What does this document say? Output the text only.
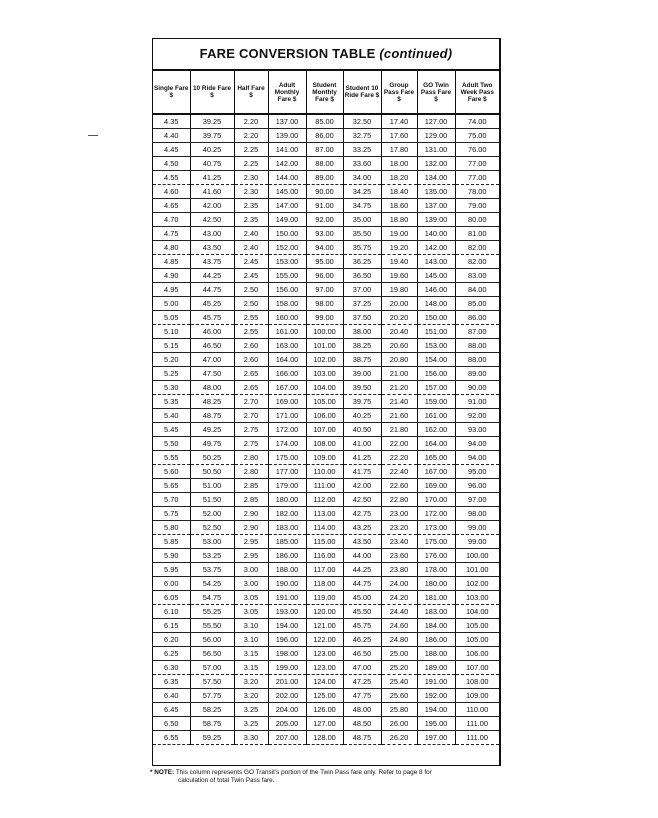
FARE CONVERSION TABLE (continued)
Single Fare $	10 Ride Fare $	Half Fare $	Adult Monthly Fare $	Student Monthly Fare $	Student 10 Ride Fare $	Group Pass Fare $	GO Twin Pass Fare $	Adult Two Week Pass Fare $
4.35	39.25	2.20	137.00	85.00	32.50	17.40	127.00	74.00
4.40	39.75	2.20	139.00	86.00	32.75	17.60	129.00	75.00
4.45	40.25	2.25	141.00	87.00	33.25	17.80	131.00	76.00
4.50	40.75	2.25	142.00	88.00	33.60	18.00	132.00	77.00
4.55	41.25	2.30	144.00	89.00	34.00	18.20	134.00	77.00
4.60	41.60	2.30	145.00	90.00	34.25	18.40	135.00	78.00
4.65	42.00	2.35	147.00	91.00	34.75	18.60	137.00	79.00
4.70	42.50	2.35	149.00	92.00	35.00	18.80	139.00	80.00
4.75	43.00	2.40	150.00	93.00	35.50	19.00	140.00	81.00
4.80	43.50	2.40	152.00	94.00	35.75	19.20	142.00	82.00
4.85	43.75	2.45	153.00	95.00	36.25	19.40	143.00	82.00
4.90	44.25	2.45	155.00	96.00	36.50	19.60	145.00	83.00
4.95	44.75	2.50	156.00	97.00	37.00	19.80	146.00	84.00
5.00	45.25	2.50	158.00	98.00	37.25	20.00	148.00	85.00
5.05	45.75	2.55	160.00	99.00	37.50	20.20	150.00	86.00
5.10	46.00	2.55	161.00	100.00	38.00	20.40	151.00	87.00
5.15	46.50	2.60	163.00	101.00	38.25	20.60	153.00	88.00
5.20	47.00	2.60	164.00	102.00	38.75	20.80	154.00	88.00
5.25	47.50	2.65	166.00	103.00	39.00	21.00	156.00	89.00
5.30	48.00	2.65	167.00	104.00	39.50	21.20	157.00	90.00
5.35	48.25	2.70	169.00	105.00	39.75	21.40	159.00	91.00
5.40	48.75	2.70	171.00	106.00	40.25	21.60	161.00	92.00
5.45	49.25	2.75	172.00	107.00	40.50	21.80	162.00	93.00
5.50	49.75	2.75	174.00	108.00	41.00	22.00	164.00	94.00
5.55	50.25	2.80	175.00	109.00	41.25	22.20	165.00	94.00
5.60	50.50	2.80	177.00	110.00	41.75	22.40	167.00	95.00
5.65	51.00	2.85	179.00	111.00	42.00	22.60	169.00	96.00
5.70	51.50	2.85	180.00	112.00	42.50	22.80	170.00	97.00
5.75	52.00	2.90	182.00	113.00	42.75	23.00	172.00	98.00
5.80	52.50	2.90	183.00	114.00	43.25	23.20	173.00	99.00
5.85	53.00	2.95	185.00	115.00	43.50	23.40	175.00	99.00
5.90	53.25	2.95	186.00	116.00	44.00	23.60	176.00	100.00
5.95	53.75	3.00	188.00	117.00	44.25	23.80	178.00	101.00
6.00	54.25	3.00	190.00	118.00	44.75	24.00	180.00	102.00
6.05	54.75	3.05	191.00	119.00	45.00	24.20	181.00	103.00
6.10	55.25	3.05	193.00	120.00	45.50	24.40	183.00	104.00
6.15	55.50	3.10	194.00	121.00	45.75	24.60	184.00	105.00
6.20	56.00	3.10	196.00	122.00	46.25	24.80	186.00	105.00
6.25	56.50	3.15	198.00	123.00	46.50	25.00	188.00	106.00
6.30	57.00	3.15	199.00	123.00	47.00	25.20	189.00	107.00
6.35	57.50	3.20	201.00	124.00	47.25	25.40	191.00	108.00
6.40	57.75	3.20	202.00	125.00	47.75	25.60	192.00	109.00
6.45	58.25	3.25	204.00	126.00	48.00	25.80	194.00	110.00
6.50	58.75	3.25	205.00	127.00	48.50	26.00	195.00	111.00
6.55	59.25	3.30	207.00	128.00	48.75	26.20	197.00	111.00
* NOTE: This column represents GO Transit's portion of the Twin Pass fare only. Refer to page 8 for
calculation of total Twin Pass fare.
